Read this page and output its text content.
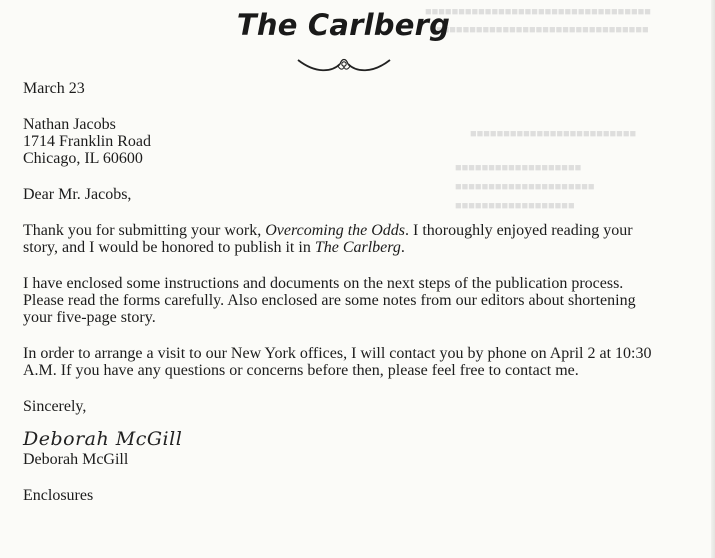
■■■■■■■■■■■■■■■■■■■■■■■■■■■■■■■■■■
■■■■■■■■■■■■■■■■■■■■■■■■■■■■■■■■
■■■■■■■■■■■■■■■■■■■■■■■■■
■■■■■■■■■■■■■■■■■■■
■■■■■■■■■■■■■■■■■■■■■
■■■■■■■■■■■■■■■■■■
The Carlberg

March 23

Nathan Jacobs

1714 Franklin Road

Chicago, IL 60600

Dear Mr. Jacobs,

Thank you for submitting your work, Overcoming the Odds. I thoroughly enjoyed reading your story, and I would be honored to publish it in The Carlberg.

I have enclosed some instructions and documents on the next steps of the publication process. Please read the forms carefully. Also enclosed are some notes from our editors about shortening your five-page story.

In order to arrange a visit to our New York offices, I will contact you by phone on April 2 at 10:30 A.M. If you have any questions or concerns before then, please feel free to contact me.

Sincerely,

Deborah McGill

Deborah McGill

Enclosures
